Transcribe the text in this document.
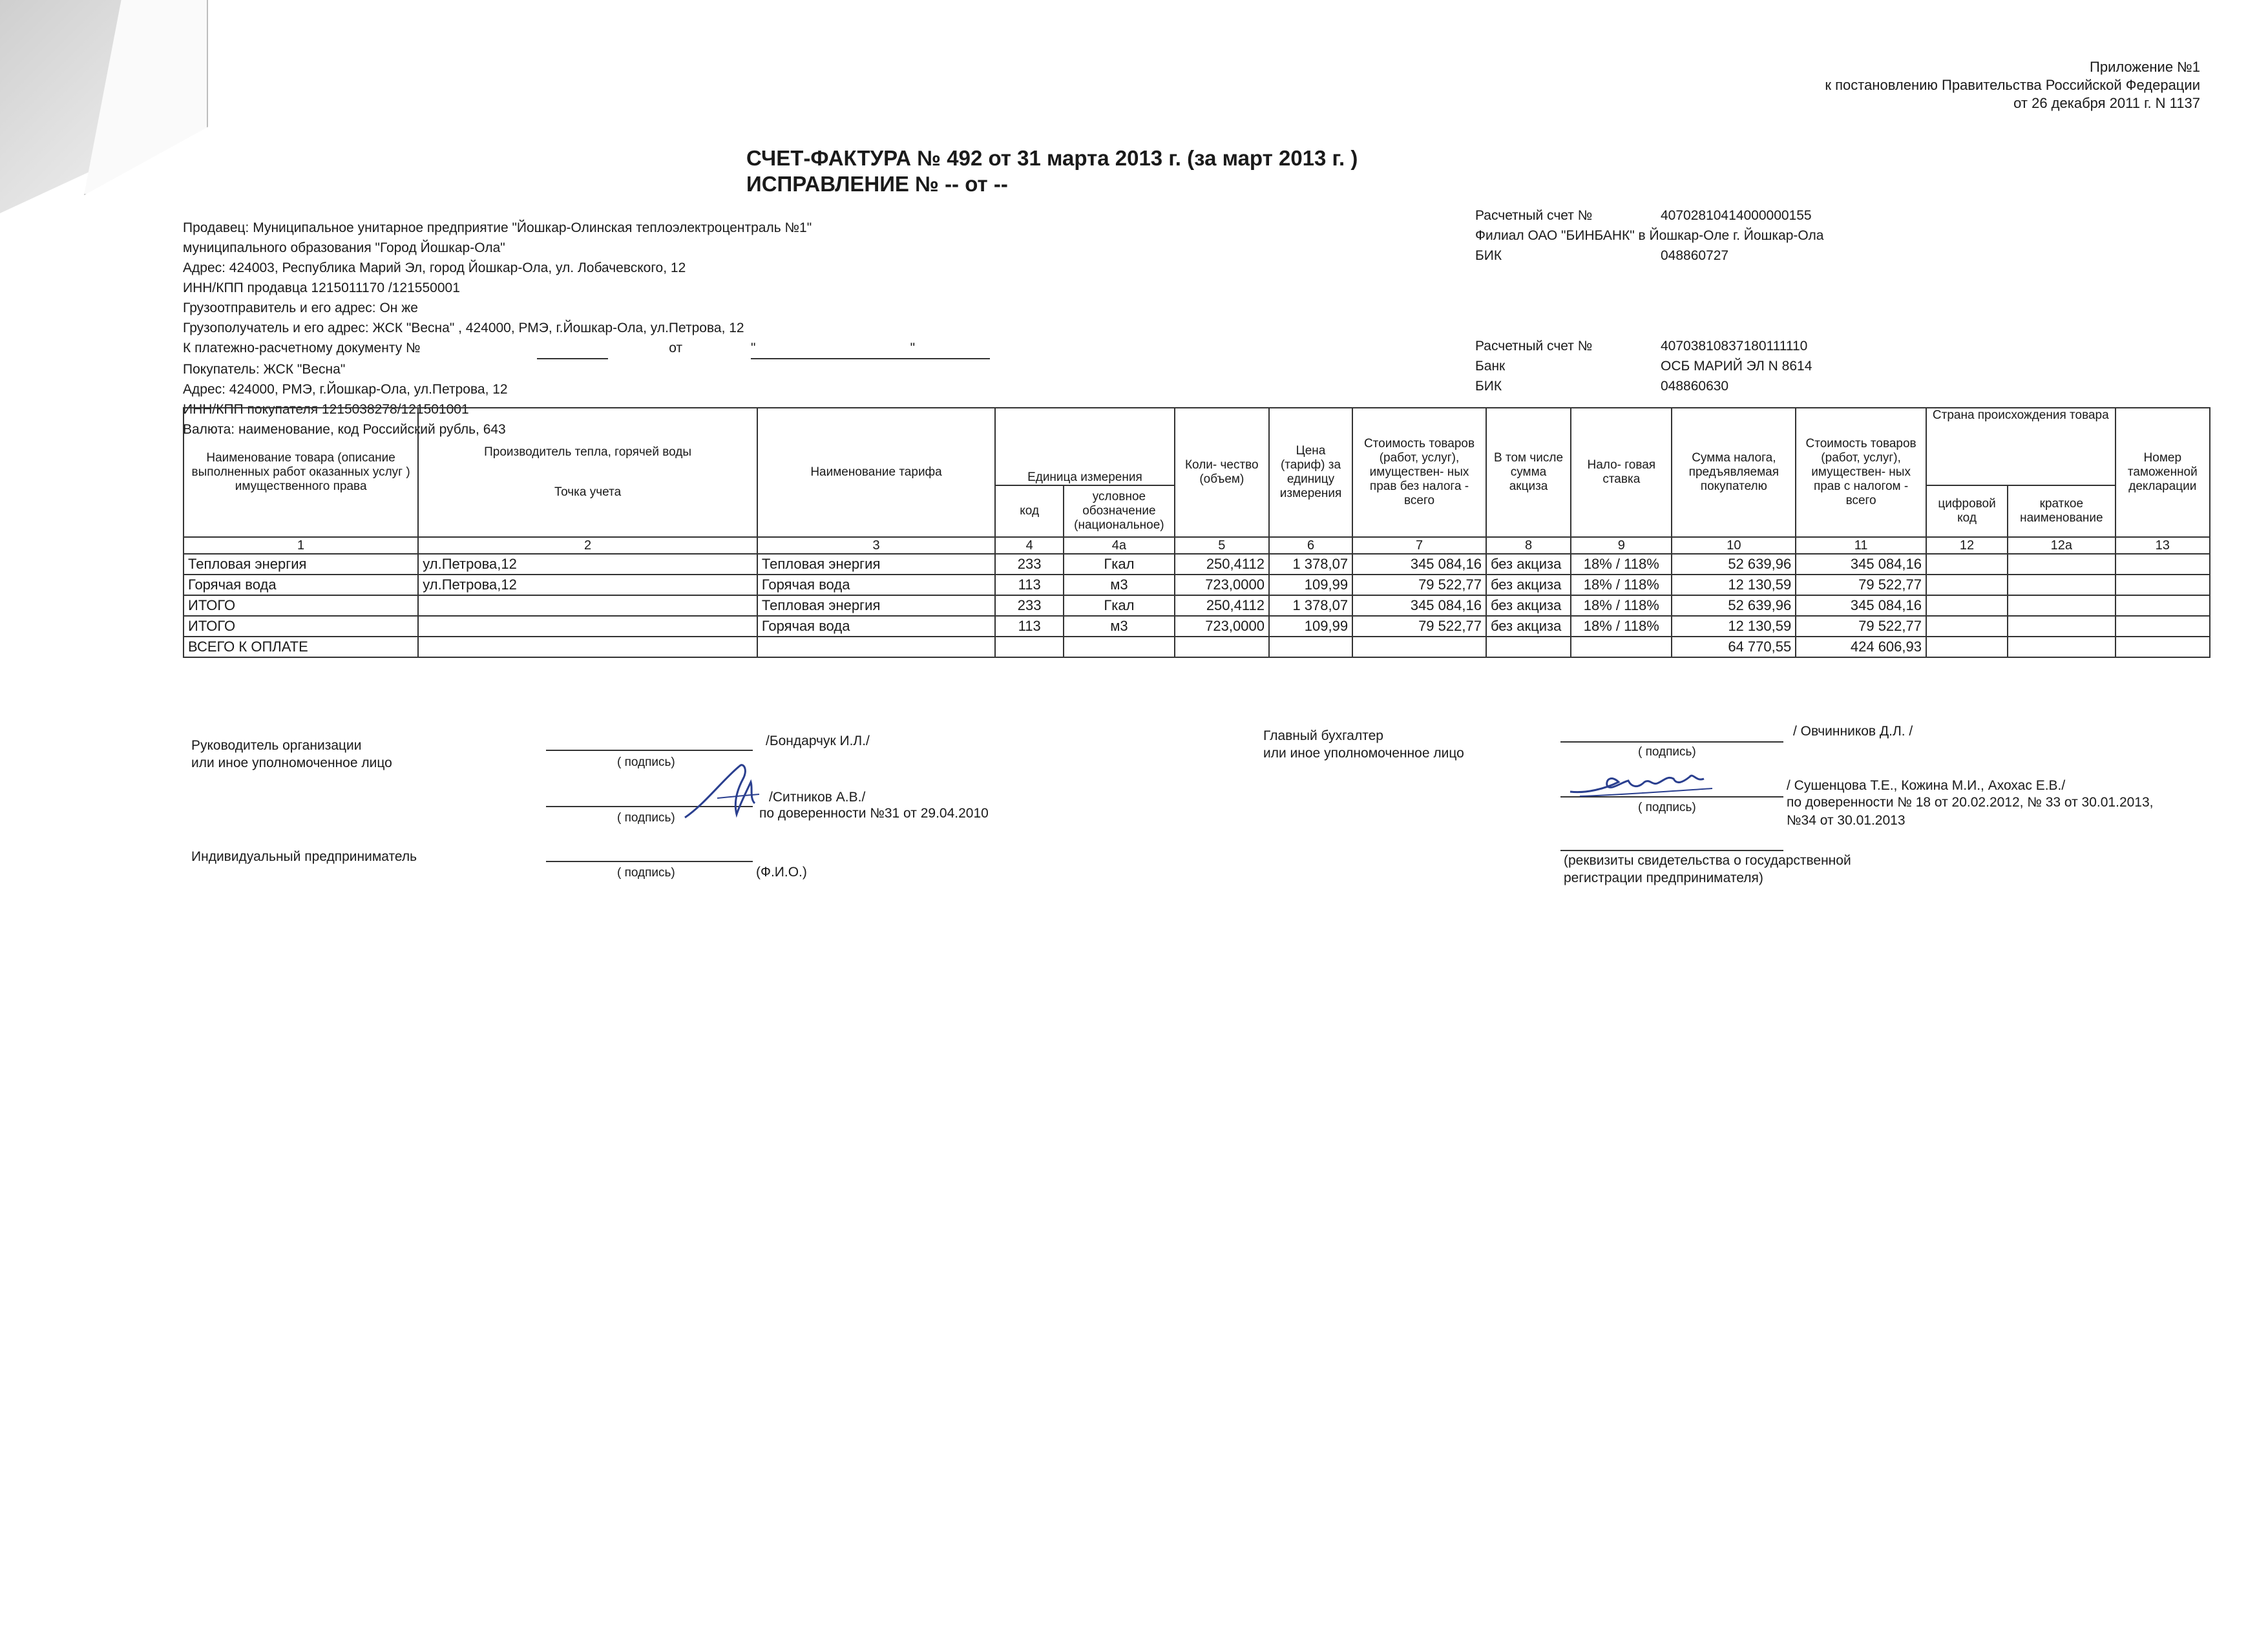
Приложение №1
к постановлению Правительства Российской Федерации
от 26 декабря 2011 г. N 1137
СЧЕТ-ФАКТУРА № 492 от 31 марта 2013 г. (за март 2013 г. )
ИСПРАВЛЕНИЕ № -- от --
Продавец: Муниципальное унитарное предприятие "Йошкар-Олинская теплоэлектроцентраль №1"
муниципального образования "Город Йошкар-Ола"
Адрес: 424003, Республика Марий Эл, город Йошкар-Ола, ул. Лобачевского, 12
ИНН/КПП продавца 1215011170 /121550001
Грузоотправитель и его адрес: Он же
Грузополучатель и его адрес: ЖСК "Весна" , 424000, РМЭ, г.Йошкар-Ола, ул.Петрова, 12
К платежно-расчетному документу №	от	"                                         "
Покупатель: ЖСК "Весна"
Адрес: 424000, РМЭ, г.Йошкар-Ола, ул.Петрова, 12
ИНН/КПП покупателя 1215038278/121501001
Валюта: наименование, код Российский рубль, 643
Расчетный счет №	40702810414000000155
Филиал ОАО "БИНБАНК" в Йошкар-Оле г. Йошкар-Ола
БИК	048860727
Расчетный счет №	40703810837180111110
Банк	ОСБ МАРИЙ ЭЛ N 8614
БИК	048860630
Наименование товара (описание выполненных работ оказанных услуг ) имущественного права	Производитель тепла, горячей воды
Точка учета	Наименование тарифа	Единица измерения		Коли- чество (объем)	Цена (тариф) за единицу измерения	Стоимость товаров (работ, услуг), имуществен- ных прав без налога - всего	В том числе сумма акциза	Нало- говая ставка	Сумма налога, предъявляемая покупателю	Стоимость товаров (работ, услуг), имуществен- ных прав с налогом - всего	Страна происхождения товара		Номер таможенной декларации
			код	условное обозначение (национальное)								цифровой код	краткое наименование	
1	2	3	4	4а	5	6	7	8	9	10	11	12	12а	13
Тепловая энергия	ул.Петрова,12	Тепловая энергия	233	Гкал	250,4112	1 378,07	345 084,16	без акциза	18% / 118%	52 639,96	345 084,16			
Горячая вода	ул.Петрова,12	Горячая вода	113	м3	723,0000	109,99	79 522,77	без акциза	18% / 118%	12 130,59	79 522,77			
ИТОГО		Тепловая энергия	233	Гкал	250,4112	1 378,07	345 084,16	без акциза	18% / 118%	52 639,96	345 084,16			
ИТОГО		Горячая вода	113	м3	723,0000	109,99	79 522,77	без акциза	18% / 118%	12 130,59	79 522,77			
ВСЕГО К ОПЛАТЕ										64 770,55	424 606,93			
Руководитель организации
или иное уполномоченное лицо
/Бондарчук И.Л./
( подпись)
/Ситников А.В./
( подпись)	по доверенности №31 от 29.04.2010
Индивидуальный предприниматель
( подпись)	(Ф.И.О.)
Главный бухгалтер
или иное уполномоченное лицо
/ Овчинников Д.Л. /
( подпись)
( подпись)
/ Сушенцова Т.Е., Кожина М.И., Ахохас Е.В./
по доверенности № 18 от 20.02.2012, № 33 от 30.01.2013,
№34 от 30.01.2013
(реквизиты свидетельства о государственной
регистрации предпринимателя)
